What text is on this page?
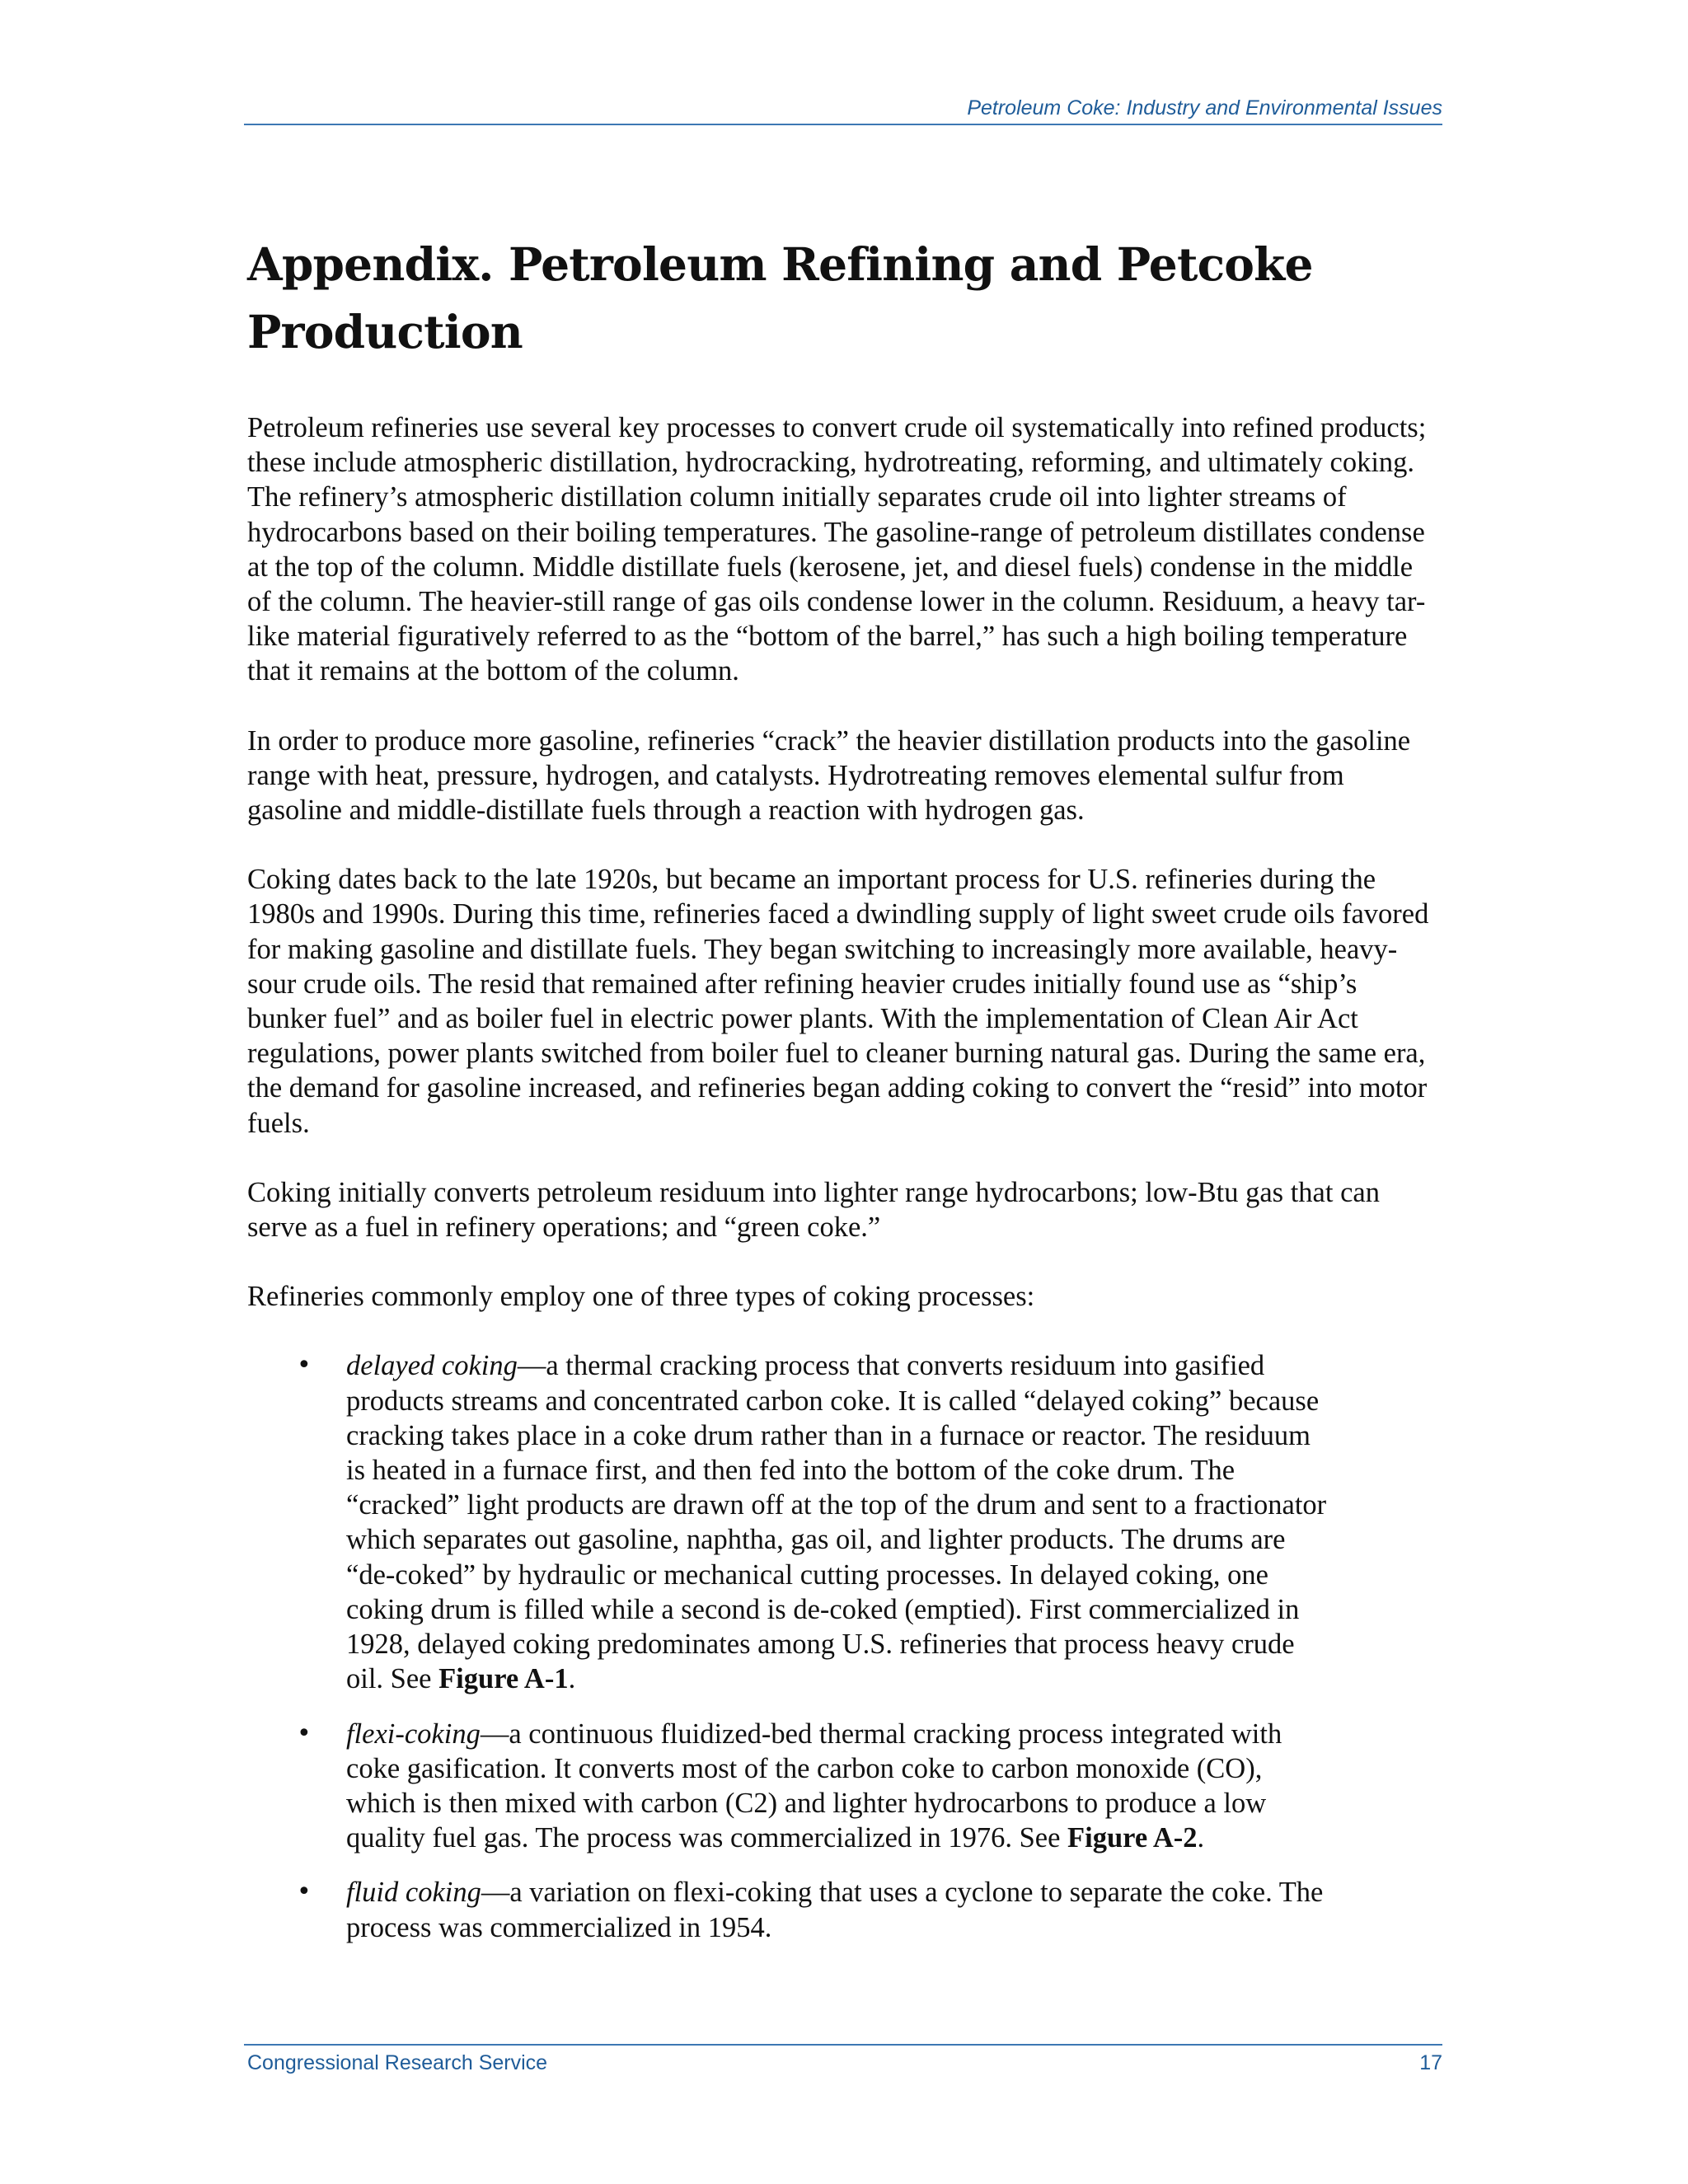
Petroleum Coke: Industry and Environmental Issues
Appendix. Petroleum Refining and Petcoke Production

Petroleum refineries use several key processes to convert crude oil systematically into refined products; these include atmospheric distillation, hydrocracking, hydrotreating, reforming, and ultimately coking. The refinery’s atmospheric distillation column initially separates crude oil into lighter streams of hydrocarbons based on their boiling temperatures. The gasoline-range of petroleum distillates condense at the top of the column. Middle distillate fuels (kerosene, jet, and diesel fuels) condense in the middle of the column. The heavier-still range of gas oils condense lower in the column. Residuum, a heavy tar-like material figuratively referred to as the “bottom of the barrel,” has such a high boiling temperature that it remains at the bottom of the column.

In order to produce more gasoline, refineries “crack” the heavier distillation products into the gasoline range with heat, pressure, hydrogen, and catalysts. Hydrotreating removes elemental sulfur from gasoline and middle-distillate fuels through a reaction with hydrogen gas.

Coking dates back to the late 1920s, but became an important process for U.S. refineries during the 1980s and 1990s. During this time, refineries faced a dwindling supply of light sweet crude oils favored for making gasoline and distillate fuels. They began switching to increasingly more available, heavy-sour crude oils. The resid that remained after refining heavier crudes initially found use as “ship’s bunker fuel” and as boiler fuel in electric power plants. With the implementation of Clean Air Act regulations, power plants switched from boiler fuel to cleaner burning natural gas. During the same era, the demand for gasoline increased, and refineries began adding coking to convert the “resid” into motor fuels.

Coking initially converts petroleum residuum into lighter range hydrocarbons; low-Btu gas that can serve as a fuel in refinery operations; and “green coke.”

Refineries commonly employ one of three types of coking processes:

• delayed coking—a thermal cracking process that converts residuum into gasified products streams and concentrated carbon coke. It is called “delayed coking” because cracking takes place in a coke drum rather than in a furnace or reactor. The residuum is heated in a furnace first, and then fed into the bottom of the coke drum. The “cracked” light products are drawn off at the top of the drum and sent to a fractionator which separates out gasoline, naphtha, gas oil, and lighter products. The drums are “de-coked” by hydraulic or mechanical cutting processes. In delayed coking, one coking drum is filled while a second is de-coked (emptied). First commercialized in 1928, delayed coking predominates among U.S. refineries that process heavy crude oil. See Figure A-1.
• flexi-coking—a continuous fluidized-bed thermal cracking process integrated with coke gasification. It converts most of the carbon coke to carbon monoxide (CO), which is then mixed with carbon (C2) and lighter hydrocarbons to produce a low quality fuel gas. The process was commercialized in 1976. See Figure A-2.
• fluid coking—a variation on flexi-coking that uses a cyclone to separate the coke. The process was commercialized in 1954.
Congressional Research Service	17
